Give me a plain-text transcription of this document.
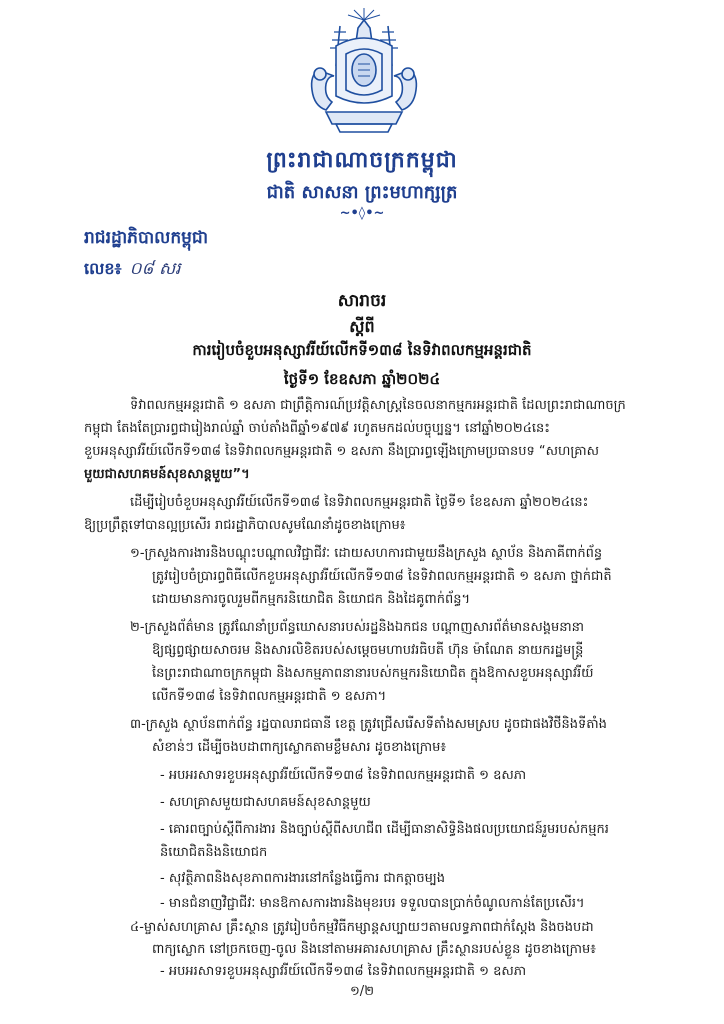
ព្រះរាជាណាចក្រកម្ពុជា
ជាតិ សាសនា ព្រះមហាក្សត្រ
~•◊•~
រាជរដ្ឋាភិបាលកម្ពុជា
លេខ៖ ០៨ សរ
សារាចរ
ស្តីពី
ការរៀបចំខួបអនុស្សាវរីយ៍លើកទី១៣៨ នៃទិវាពលកម្មអន្តរជាតិ
ថ្ងៃទី១ ខែឧសភា ឆ្នាំ២០២៤
ទិវាពលកម្មអន្តរជាតិ ១ ឧសភា ជាព្រឹត្តិការណ៍ប្រវត្តិសាស្ត្រនៃចលនាកម្មករអន្តរជាតិ ដែលព្រះរាជាណាចក្រ
កម្ពុជា តែងតែប្រារព្ធជារៀងរាល់ឆ្នាំ ចាប់តាំងពីឆ្នាំ១៩៧៩ រហូតមកដល់បច្ចុប្បន្ន។ នៅឆ្នាំ២០២៤នេះ
ខួបអនុស្សាវរីយ៍លើកទី១៣៨ នៃទិវាពលកម្មអន្តរជាតិ ១ ឧសភា នឹងប្រារព្ធឡើងក្រោមប្រធានបទ “សហគ្រាស
មួយជាសហគមន៍សុខសាន្តមួយ”។
ដើម្បីរៀបចំខួបអនុស្សាវរីយ៍លើកទី១៣៨ នៃទិវាពលកម្មអន្តរជាតិ ថ្ងៃទី១ ខែឧសភា ឆ្នាំ២០២៤នេះ
ឱ្យប្រព្រឹត្តទៅបានល្អប្រសើរ រាជរដ្ឋាភិបាលសូមណែនាំដូចខាងក្រោម៖
១-ក្រសួងការងារនិងបណ្តុះបណ្តាលវិជ្ជាជីវៈ ដោយសហការជាមួយនឹងក្រសួង ស្ថាប័ន និងភាគីពាក់ព័ន្ធ
ត្រូវរៀបចំប្រារព្ធពិធីលើកខួបអនុស្សាវរីយ៍លើកទី១៣៨ នៃទិវាពលកម្មអន្តរជាតិ ១ ឧសភា ថ្នាក់ជាតិ
ដោយមានការចូលរួមពីកម្មករនិយោជិត និយោជក និងដៃគូពាក់ព័ន្ធ។
២-ក្រសួងព័ត៌មាន ត្រូវណែនាំប្រព័ន្ធឃោសនារបស់រដ្ឋនិងឯកជន បណ្តាញសារព័ត៌មានសង្គមនានា
ឱ្យផ្សព្វផ្សាយសាចរម និងសារលិខិតរបស់សម្តេចមហាបវរធិបតី ហ៊ុន ម៉ាណែត នាយករដ្ឋមន្ត្រី
នៃព្រះរាជាណាចក្រកម្ពុជា និងសកម្មភាពនានារបស់កម្មករនិយោជិត ក្នុងឱកាសខួបអនុស្សាវរីយ៍
លើកទី១៣៨ នៃទិវាពលកម្មអន្តរជាតិ ១ ឧសភា។
៣-ក្រសួង ស្ថាប័នពាក់ព័ន្ធ រដ្ឋបាលរាជធានី ខេត្ត ត្រូវជ្រើសរើសទីតាំងសមស្រប ដូចជាផងវិថីនិងទីតាំង
សំខាន់ៗ ដើម្បីចងបដាពាក្យស្លោកតាមខ្លឹមសារ ដូចខាងក្រោម៖
- អបអរសាទរខួបអនុស្សាវរីយ៍លើកទី១៣៨ នៃទិវាពលកម្មអន្តរជាតិ ១ ឧសភា
- សហគ្រាសមួយជាសហគមន៍សុខសាន្តមួយ
- គោរពច្បាប់ស្តីពីការងារ និងច្បាប់ស្តីពីសហជីព ដើម្បីធានាសិទ្ធិនិងផលប្រយោជន៍រួមរបស់កម្មករ
និយោជិតនិងនិយោជក
- សុវត្ថិភាពនិងសុខភាពការងារនៅកន្លែងធ្វើការ ជាកត្តាចម្បង
- មានជំនាញវិជ្ជាជីវៈ មានឱកាសការងារនិងមុខរបរ ទទួលបានប្រាក់ចំណូលកាន់តែប្រសើរ។
៤-ម្ចាស់សហគ្រាស គ្រឹះស្ថាន ត្រូវរៀបចំកម្មវិធីកម្សាន្តសប្បាយៗតាមលទ្ធភាពជាក់ស្តែង និងចងបដា
ពាក្យស្លោក នៅច្រកចេញ-ចូល និងនៅតាមអគារសហគ្រាស គ្រឹះស្ថានរបស់ខ្លួន ដូចខាងក្រោម៖
- អបអរសាទរខួបអនុស្សាវរីយ៍លើកទី១៣៨ នៃទិវាពលកម្មអន្តរជាតិ ១ ឧសភា
១/២
